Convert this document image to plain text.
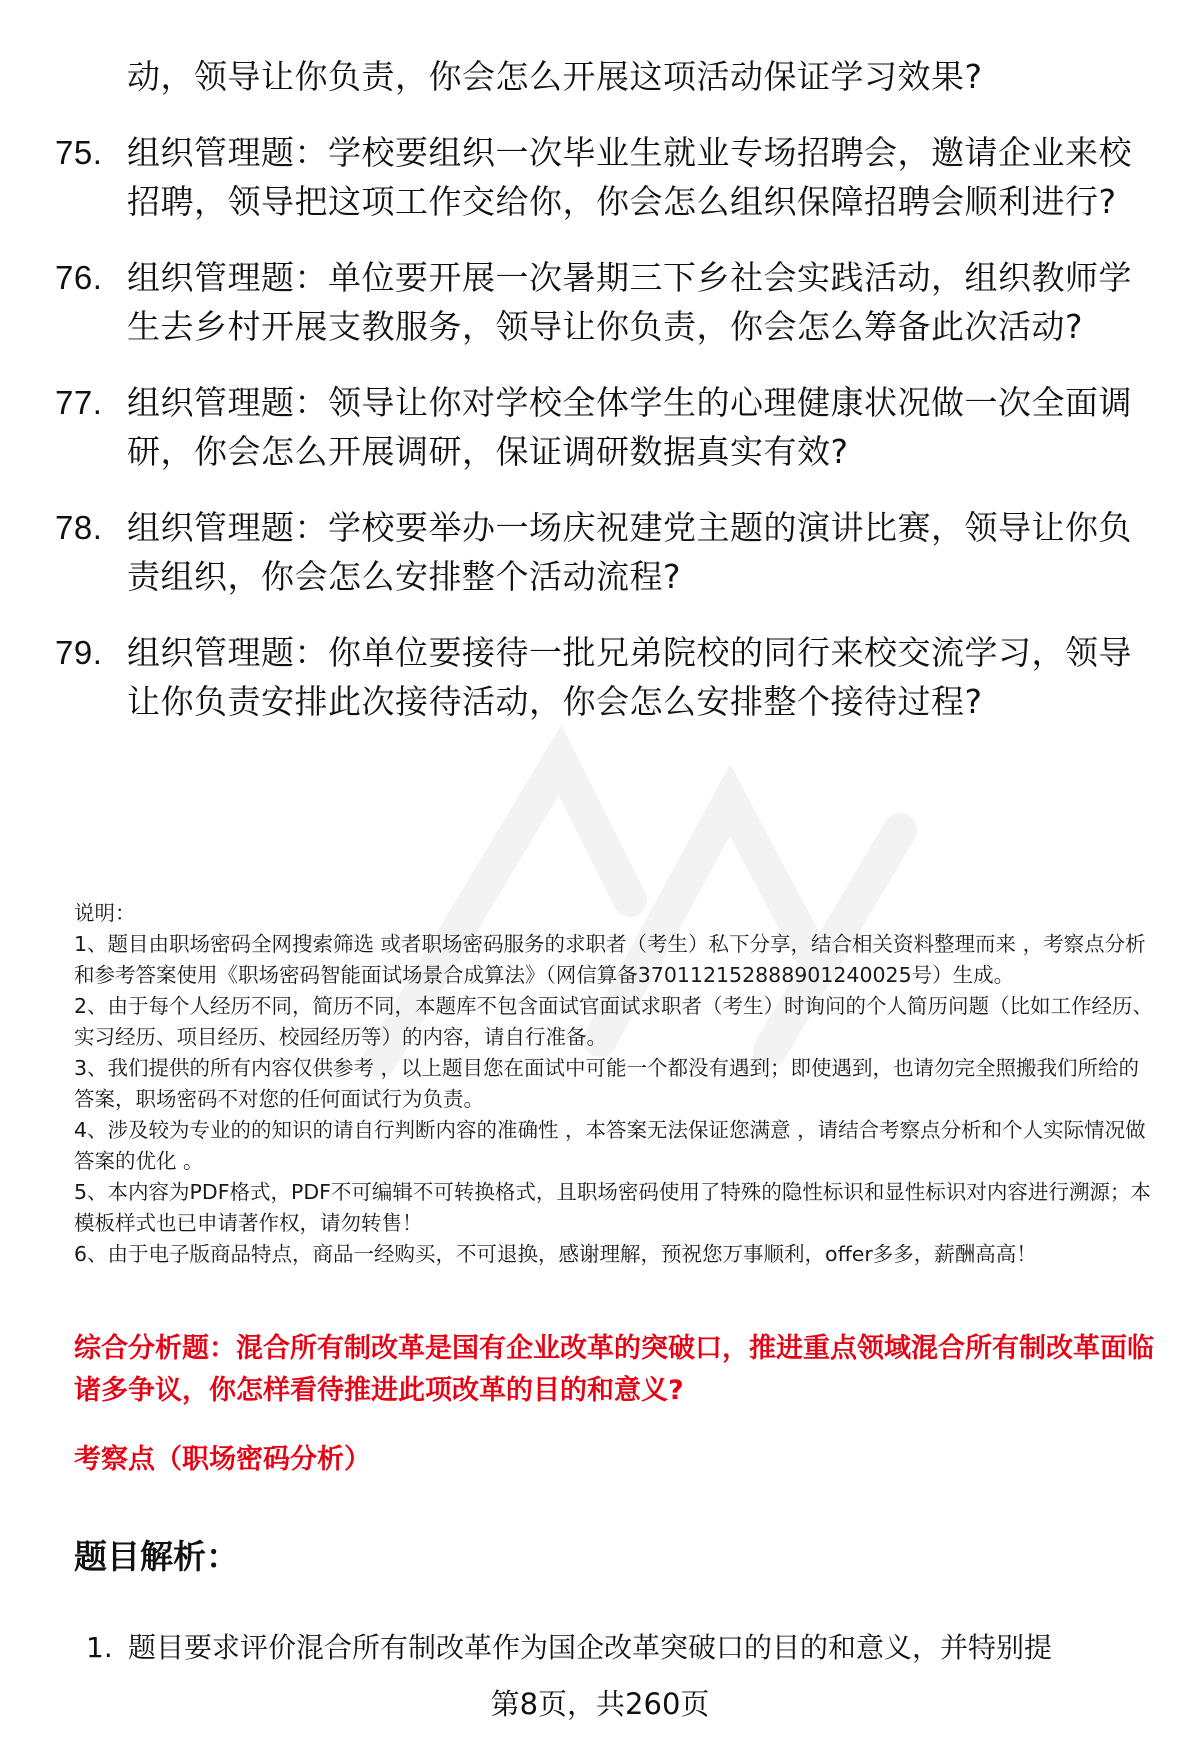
动，领导让你负责，你会怎么开展这项活动保证学习效果?
75. 组织管理题：学校要组织一次毕业生就业专场招聘会，邀请企业来校招聘，领导把这项工作交给你，你会怎么组织保障招聘会顺利进行?
76. 组织管理题：单位要开展一次暑期三下乡社会实践活动，组织教师学生去乡村开展支教服务，领导让你负责，你会怎么筹备此次活动?
77. 组织管理题：领导让你对学校全体学生的心理健康状况做一次全面调研，你会怎么开展调研，保证调研数据真实有效?
78. 组织管理题：学校要举办一场庆祝建党主题的演讲比赛，领导让你负责组织，你会怎么安排整个活动流程?
79. 组织管理题：你单位要接待一批兄弟院校的同行来校交流学习，领导让你负责安排此次接待活动，你会怎么安排整个接待过程?

说明：

1、题目由职场密码全网搜索筛选 或者职场密码服务的求职者（考生）私下分享，结合相关资料整理而来 ，考察点分析和参考答案使用《职场密码智能面试场景合成算法》（网信算备370112152888901240025号）生成。

2、由于每个人经历不同，简历不同，本题库不包含面试官面试求职者（考生）时询问的个人简历问题（比如工作经历、实习经历、项目经历、校园经历等）的内容，请自行准备。

3、我们提供的所有内容仅供参考 ，以上题目您在面试中可能一个都没有遇到；即使遇到，也请勿完全照搬我们所给的答案，职场密码不对您的任何面试行为负责。

4、涉及较为专业的的知识的请自行判断内容的准确性 ，本答案无法保证您满意 ，请结合考察点分析和个人实际情况做答案的优化 。

5、本内容为PDF格式，PDF不可编辑不可转换格式，且职场密码使用了特殊的隐性标识和显性标识对内容进行溯源；本模板样式也已申请著作权，请勿转售！

6、由于电子版商品特点，商品一经购买，不可退换，感谢理解，预祝您万事顺利，offer多多，薪酬高高！

综合分析题：混合所有制改革是国有企业改革的突破口，推进重点领域混合所有制改革面临诸多争议，你怎样看待推进此项改革的目的和意义?
考察点（职场密码分析）
题目解析：
1. 题目要求评价混合所有制改革作为国企改革突破口的目的和意义，并特别提
第8页，共260页
